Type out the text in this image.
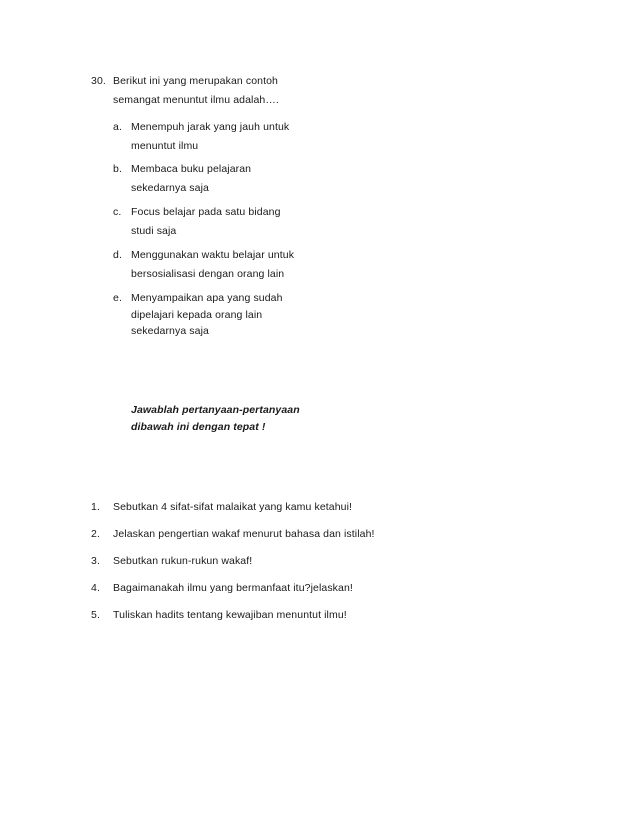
30. Berikut ini yang merupakan contoh
semangat menuntut ilmu adalah….
a. Menempuh jarak yang jauh untuk
menuntut ilmu
b. Membaca buku pelajaran
sekedarnya saja
c. Focus belajar pada satu bidang
studi saja
d. Menggunakan waktu belajar untuk
bersosialisasi dengan orang lain
e. Menyampaikan apa yang sudah
dipelajari kepada orang lain
sekedarnya saja
Jawablah pertanyaan-pertanyaan
dibawah ini dengan tepat !
1. Sebutkan 4 sifat-sifat malaikat yang kamu ketahui!
2. Jelaskan pengertian wakaf menurut bahasa dan istilah!
3. Sebutkan rukun-rukun wakaf!
4. Bagaimanakah ilmu yang bermanfaat itu?jelaskan!
5. Tuliskan hadits tentang kewajiban menuntut ilmu!
